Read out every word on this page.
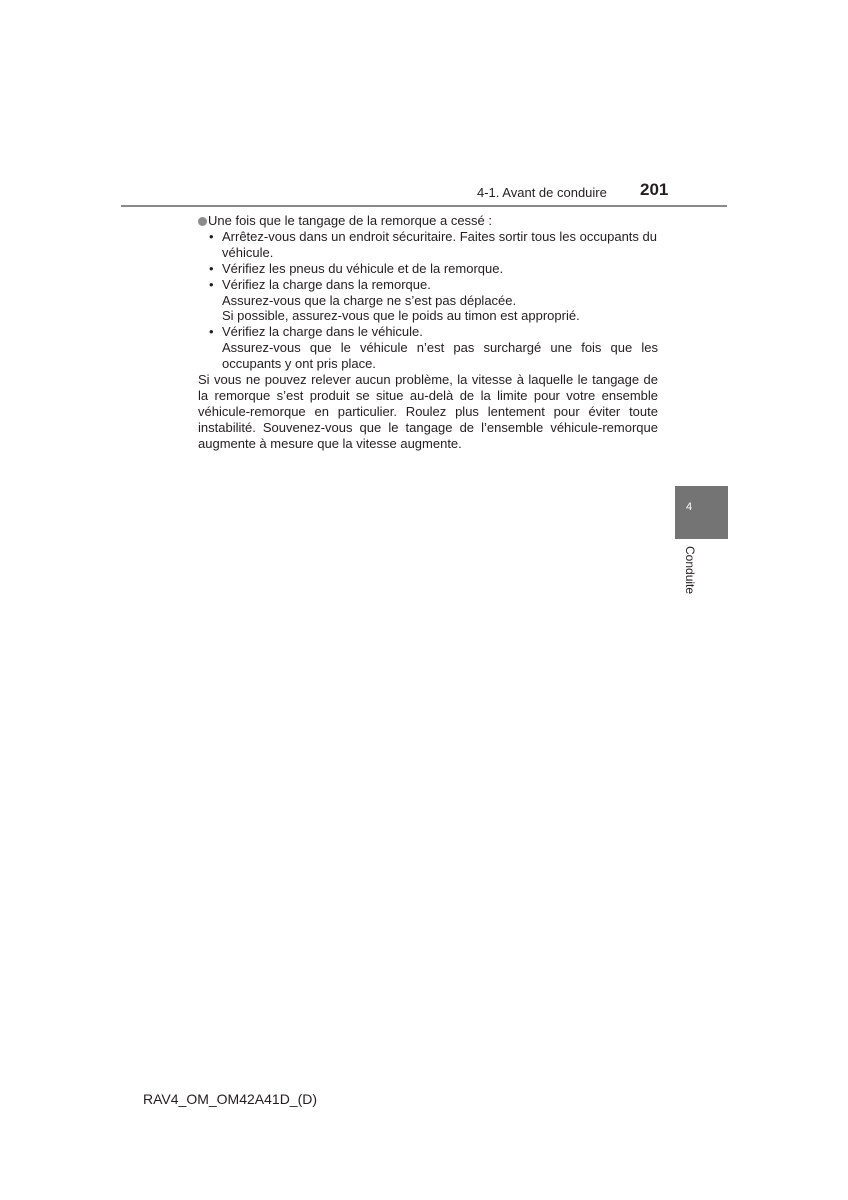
4-1. Avant de conduire 201
Une fois que le tangage de la remorque a cessé :
• Arrêtez-vous dans un endroit sécuritaire. Faites sortir tous les occupants du véhicule.
• Vérifiez les pneus du véhicule et de la remorque.
• Vérifiez la charge dans la remorque.
Assurez-vous que la charge ne s’est pas déplacée.
Si possible, assurez-vous que le poids au timon est approprié.
• Vérifiez la charge dans le véhicule.
Assurez-vous que le véhicule n’est pas surchargé une fois que les occupants y ont pris place.
Si vous ne pouvez relever aucun problème, la vitesse à laquelle le tangage de la remorque s’est produit se situe au-delà de la limite pour votre ensemble véhicule-remorque en particulier. Roulez plus lentement pour éviter toute instabilité. Souvenez-vous que le tangage de l’ensemble véhicule-remorque augmente à mesure que la vitesse augmente.
4
Conduite
RAV4_OM_OM42A41D_(D)
